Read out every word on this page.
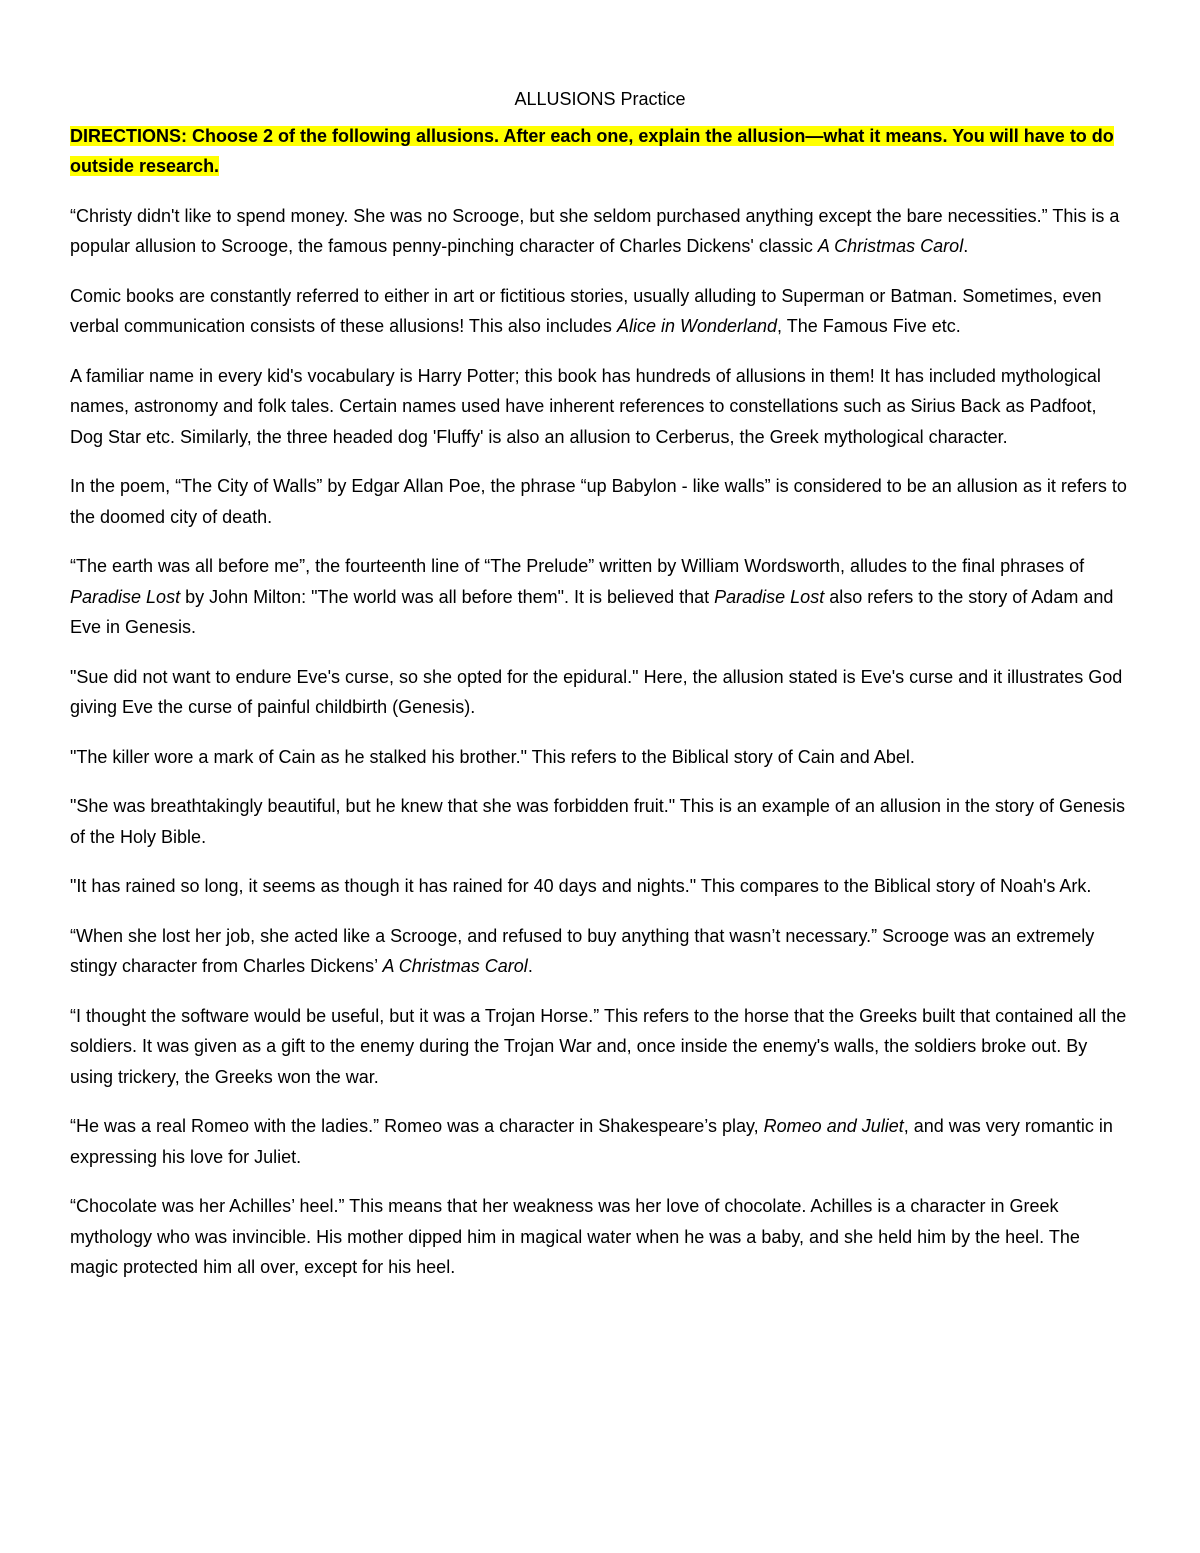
ALLUSIONS Practice
DIRECTIONS: Choose 2 of the following allusions. After each one, explain the allusion—what it means. You will have to do outside research.

“Christy didn't like to spend money. She was no Scrooge, but she seldom purchased anything except the bare necessities.” This is a popular allusion to Scrooge, the famous penny-pinching character of Charles Dickens' classic A Christmas Carol.

Comic books are constantly referred to either in art or fictitious stories, usually alluding to Superman or Batman. Sometimes, even verbal communication consists of these allusions! This also includes Alice in Wonderland, The Famous Five etc.

A familiar name in every kid's vocabulary is Harry Potter; this book has hundreds of allusions in them! It has included mythological names, astronomy and folk tales. Certain names used have inherent references to constellations such as Sirius Back as Padfoot, Dog Star etc. Similarly, the three headed dog 'Fluffy' is also an allusion to Cerberus, the Greek mythological character.

In the poem, “The City of Walls” by Edgar Allan Poe, the phrase “up Babylon - like walls” is considered to be an allusion as it refers to the doomed city of death.

“The earth was all before me”, the fourteenth line of “The Prelude” written by William Wordsworth, alludes to the final phrases of Paradise Lost by John Milton: "The world was all before them". It is believed that Paradise Lost also refers to the story of Adam and Eve in Genesis.

"Sue did not want to endure Eve's curse, so she opted for the epidural." Here, the allusion stated is Eve's curse and it illustrates God giving Eve the curse of painful childbirth (Genesis).

"The killer wore a mark of Cain as he stalked his brother." This refers to the Biblical story of Cain and Abel.

"She was breathtakingly beautiful, but he knew that she was forbidden fruit." This is an example of an allusion in the story of Genesis of the Holy Bible.

"It has rained so long, it seems as though it has rained for 40 days and nights." This compares to the Biblical story of Noah's Ark.

“When she lost her job, she acted like a Scrooge, and refused to buy anything that wasn’t necessary.” Scrooge was an extremely stingy character from Charles Dickens’ A Christmas Carol.

“I thought the software would be useful, but it was a Trojan Horse.” This refers to the horse that the Greeks built that contained all the soldiers. It was given as a gift to the enemy during the Trojan War and, once inside the enemy's walls, the soldiers broke out. By using trickery, the Greeks won the war.

“He was a real Romeo with the ladies.” Romeo was a character in Shakespeare’s play, Romeo and Juliet, and was very romantic in expressing his love for Juliet.

“Chocolate was her Achilles’ heel.” This means that her weakness was her love of chocolate. Achilles is a character in Greek mythology who was invincible. His mother dipped him in magical water when he was a baby, and she held him by the heel. The magic protected him all over, except for his heel.
